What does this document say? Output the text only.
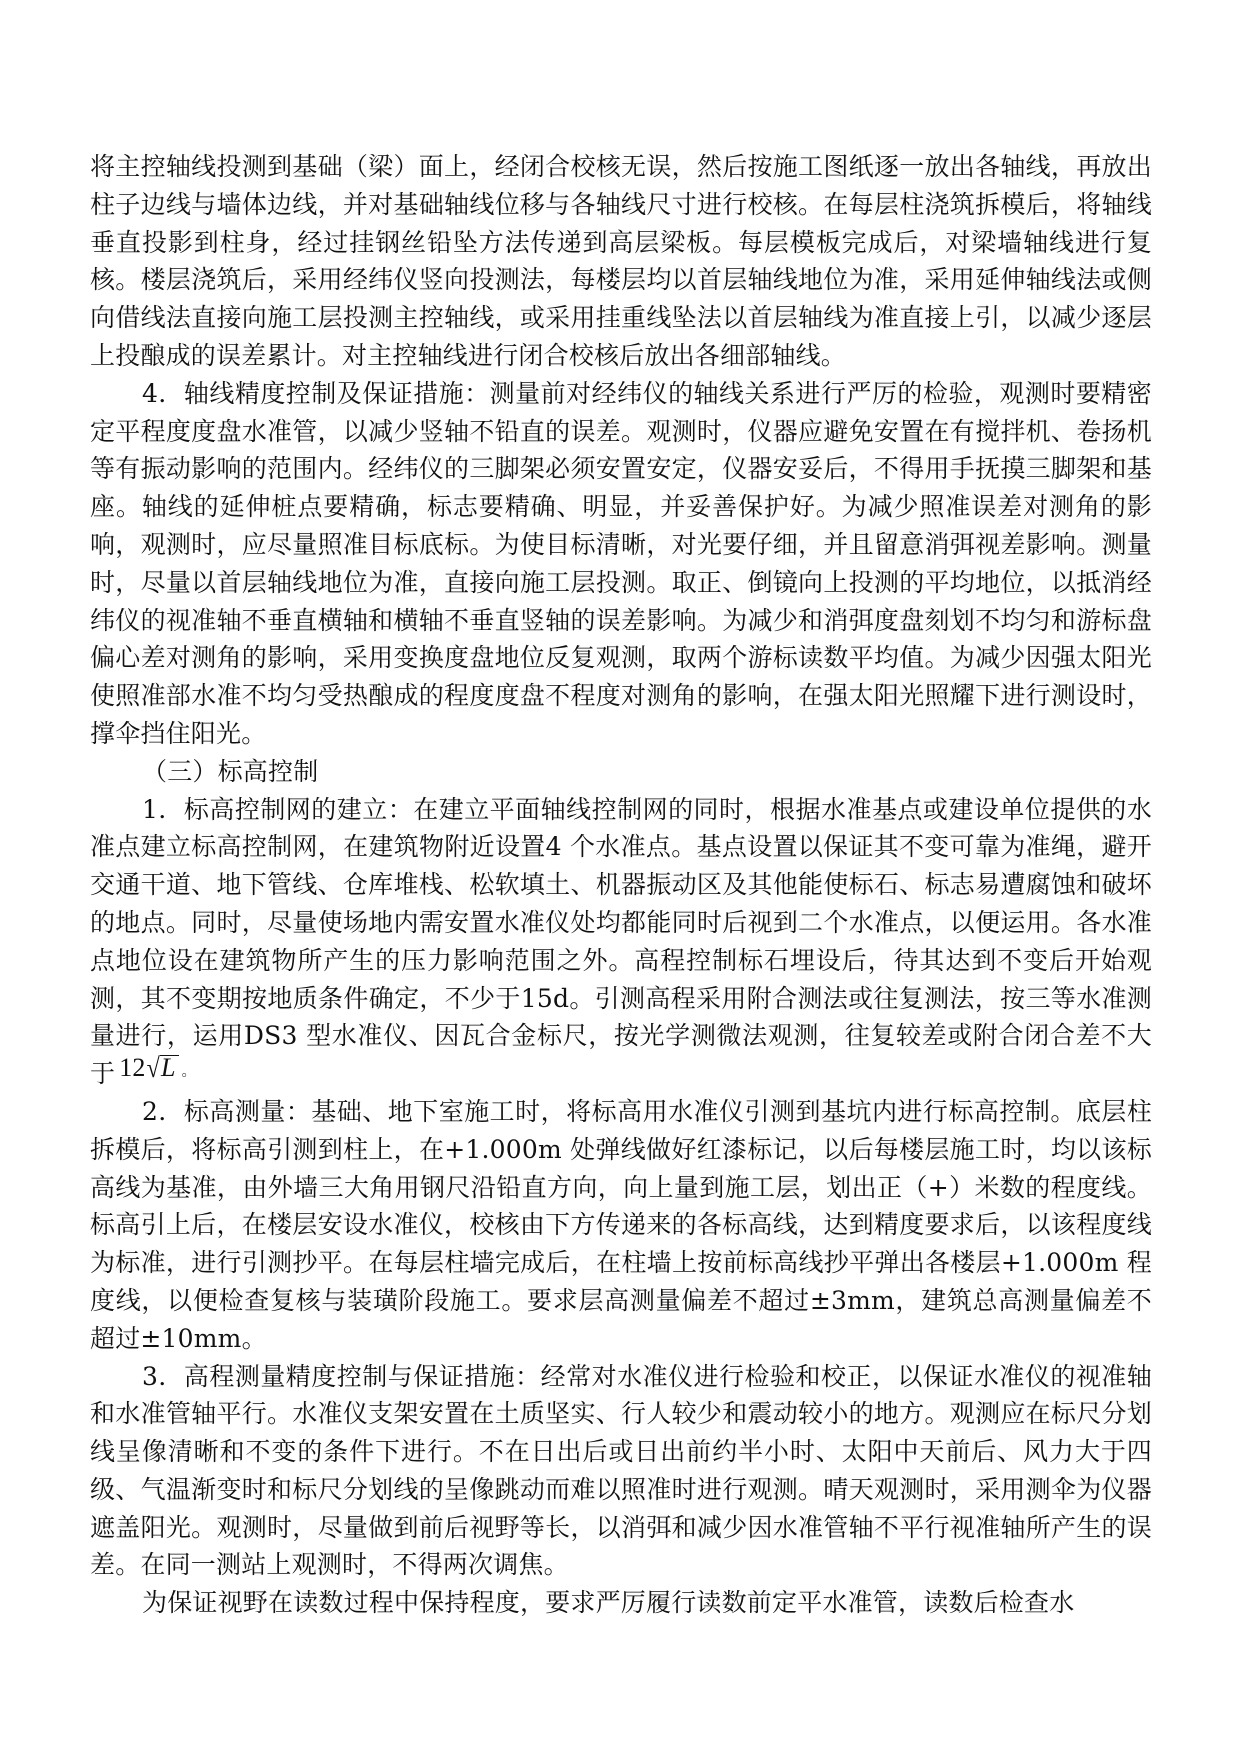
将主控轴线投测到基础（梁）面上，经闭合校核无误，然后按施工图纸逐一放出各轴线，再放出柱子边线与墙体边线，并对基础轴线位移与各轴线尺寸进行校核。在每层柱浇筑拆模后，将轴线垂直投影到柱身，经过挂钢丝铅坠方法传递到高层梁板。每层模板完成后，对梁墙轴线进行复核。楼层浇筑后，采用经纬仪竖向投测法，每楼层均以首层轴线地位为准，采用延伸轴线法或侧向借线法直接向施工层投测主控轴线，或采用挂重线坠法以首层轴线为准直接上引，以减少逐层上投酿成的误差累计。对主控轴线进行闭合校核后放出各细部轴线。

4．轴线精度控制及保证措施：测量前对经纬仪的轴线关系进行严厉的检验，观测时要精密定平程度度盘水准管，以减少竖轴不铅直的误差。观测时，仪器应避免安置在有搅拌机、卷扬机等有振动影响的范围内。经纬仪的三脚架必须安置安定，仪器安妥后，不得用手抚摸三脚架和基座。轴线的延伸桩点要精确，标志要精确、明显，并妥善保护好。为减少照准误差对测角的影响，观测时，应尽量照准目标底标。为使目标清晰，对光要仔细，并且留意消弭视差影响。测量时，尽量以首层轴线地位为准，直接向施工层投测。取正、倒镜向上投测的平均地位，以抵消经纬仪的视准轴不垂直横轴和横轴不垂直竖轴的误差影响。为减少和消弭度盘刻划不均匀和游标盘偏心差对测角的影响，采用变换度盘地位反复观测，取两个游标读数平均值。为减少因强太阳光使照准部水准不均匀受热酿成的程度度盘不程度对测角的影响，在强太阳光照耀下进行测设时，撑伞挡住阳光。

（三）标高控制

1．标高控制网的建立：在建立平面轴线控制网的同时，根据水准基点或建设单位提供的水准点建立标高控制网，在建筑物附近设置4 个水准点。基点设置以保证其不变可靠为准绳，避开交通干道、地下管线、仓库堆栈、松软填土、机器振动区及其他能使标石、标志易遭腐蚀和破坏的地点。同时，尽量使场地内需安置水准仪处均都能同时后视到二个水准点，以便运用。各水准点地位设在建筑物所产生的压力影响范围之外。高程控制标石埋设后，待其达到不变后开始观测，其不变期按地质条件确定，不少于15d。引测高程采用附合测法或往复测法，按三等水准测量进行，运用DS3 型水准仪、因瓦合金标尺，按光学测微法观测，往复较差或附合闭合差不大于 12√L 。

2．标高测量：基础、地下室施工时，将标高用水准仪引测到基坑内进行标高控制。底层柱拆模后，将标高引测到柱上，在+1.000m 处弹线做好红漆标记，以后每楼层施工时，均以该标高线为基准，由外墙三大角用钢尺沿铅直方向，向上量到施工层，划出正（+）米数的程度线。标高引上后，在楼层安设水准仪，校核由下方传递来的各标高线，达到精度要求后，以该程度线为标准，进行引测抄平。在每层柱墙完成后，在柱墙上按前标高线抄平弹出各楼层+1.000m 程度线，以便检查复核与装璜阶段施工。要求层高测量偏差不超过±3mm，建筑总高测量偏差不超过±10mm。

3．高程测量精度控制与保证措施：经常对水准仪进行检验和校正，以保证水准仪的视准轴和水准管轴平行。水准仪支架安置在土质坚实、行人较少和震动较小的地方。观测应在标尺分划线呈像清晰和不变的条件下进行。不在日出后或日出前约半小时、太阳中天前后、风力大于四级、气温渐变时和标尺分划线的呈像跳动而难以照准时进行观测。晴天观测时，采用测伞为仪器遮盖阳光。观测时，尽量做到前后视野等长，以消弭和减少因水准管轴不平行视准轴所产生的误差。在同一测站上观测时，不得两次调焦。

为保证视野在读数过程中保持程度，要求严厉履行读数前定平水准管，读数后检查水
